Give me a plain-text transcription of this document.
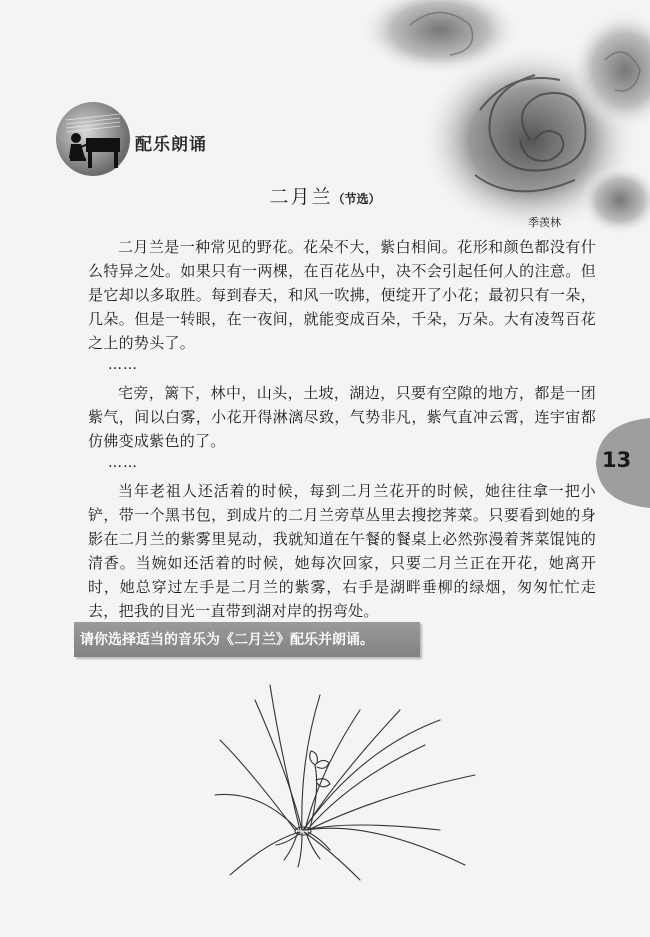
配乐朗诵
二月兰（节选）
季羡林

二月兰是一种常见的野花。花朵不大，紫白相间。花形和颜色都没有什么特异之处。如果只有一两棵，在百花丛中，决不会引起任何人的注意。但是它却以多取胜。每到春天，和风一吹拂，便绽开了小花；最初只有一朵，几朵。但是一转眼，在一夜间，就能变成百朵，千朵，万朵。大有凌驾百花之上的势头了。

……

宅旁，篱下，林中，山头，土坡，湖边，只要有空隙的地方，都是一团紫气，间以白雾，小花开得淋漓尽致，气势非凡，紫气直冲云霄，连宇宙都仿佛变成紫色的了。

……

当年老祖人还活着的时候，每到二月兰花开的时候，她往往拿一把小铲，带一个黑书包，到成片的二月兰旁草丛里去搜挖荠菜。只要看到她的身影在二月兰的紫雾里晃动，我就知道在午餐的餐桌上必然弥漫着荠菜馄饨的清香。当婉如还活着的时候，她每次回家，只要二月兰正在开花，她离开时，她总穿过左手是二月兰的紫雾，右手是湖畔垂柳的绿烟，匆匆忙忙走去，把我的目光一直带到湖对岸的拐弯处。

13
请你选择适当的音乐为《二月兰》配乐并朗诵。
